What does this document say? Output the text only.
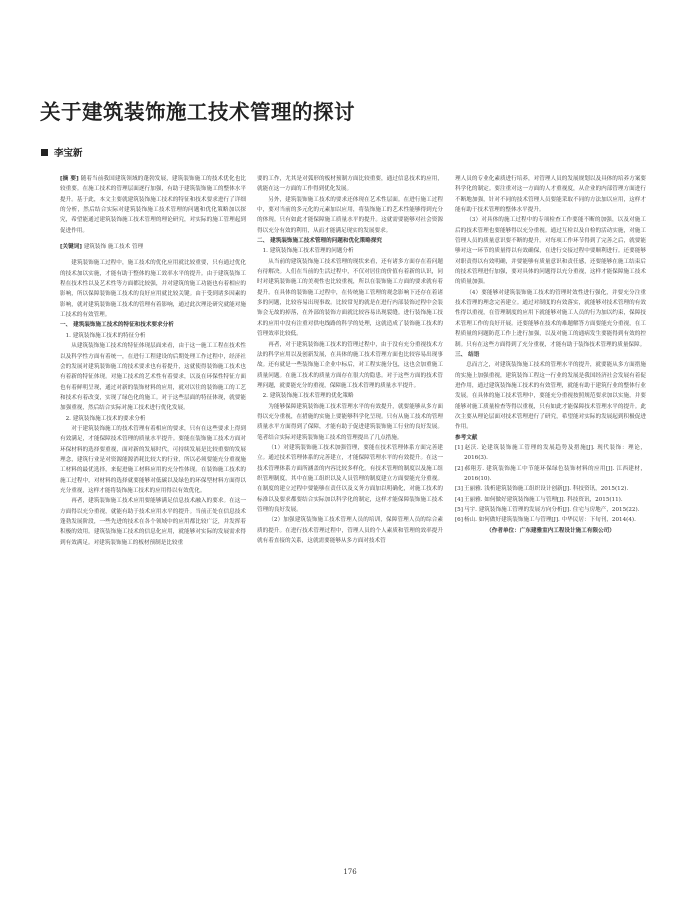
关于建筑装饰施工技术管理的探讨
李宝新

[摘 要] 随着当前我国建筑领域的蓬勃发展，建筑装饰施工的技术优化也比较重要。在施工技术的管理层面逐行加强，有助于建筑装饰施工的整体水平提升。基于此，本文主要就建筑装饰施工技术的特征和技术要求进行了详细的分析，然后结合实际对建筑装饰施工技术管理的问题和优化策略加以探究，希望能通过建筑装饰施工技术管理的理论研究，对实际的施工管理起到促进作用。

[关键词] 建筑装饰 施工技术 管理

建筑装饰施工过程中，施工技术的优化应用就比较重要，只有通过优化的技术加以实施，才能有助于整体的施工效率水平的提升。由于建筑装饰工程在技术性以及艺术性等方面都比较强，并对建筑的施工功能也有着相应的影响，所以保障装饰施工技术的良好应用就比较关键。由于受到诸多因素的影响，就对建筑装饰施工技术的管理有着影响，通过此次理论研究就能对施工技术的有效管理。

一、 建筑装饰施工技术的特征和技术要求分析

1. 建筑装饰施工技术的特征分析

从建筑装饰施工技术的特征体现层面来看，由于这一施工工程在技术性以及科学性方面有着统一，在进行工程建设的后期处理工作过程中，经济社会的发展对建筑装饰施工的技术要求也有着提升，这就使得装饰施工技术也有着新的特征体现。对施工技术的艺术性有着要求，以及在环保性特征方面也有着鲜明呈现，通过对新的装饰材料的应用，就对以往的装饰施工的工艺和技术有着改变，实现了绿色化的施工。对于这些层面的特征体现，就要能加强重视，然后结合实际对施工技术进行优化发展。

2. 建筑装饰施工技术的要求分析

对于建筑装饰施工的技术管理有着相应的要求，只有在这些要求上得到有效满足，才能保障技术管理的质量水平提升。要能在装饰施工技术方面对环保材料的选择要重视，面对新的发展时代，可持续发展是比较重要的发展理念，建筑行业是对资源能源消耗比较大的行业，所以必须要能充分重视施工材料的最优选择，来促进施工材料应用的充分性体现。在装饰施工技术的施工过程中，对材料的选择就要能够对低碳以及绿色的环保型材料方面得以充分重视，这样才能将装饰施工技术的应用得以有效优化。

再者，建筑装饰施工技术应用要能够满足信息技术融入的要求。在这一方面得以充分重视，就能有助于技术应用水平的提升。当前正处在信息技术蓬勃发展阶段，一些先进的技术在各个领域中的应用都比较广泛，并发挥着积极的效用。建筑装饰施工技术的信息化应用，就能够对实际的发展需求得到有效满足。对建筑装饰施工的板材预制是比较重

要的工作，尤其是对弧形的板材预制方面比较重要，通过信息技术的应用，就能在这一方面的工作得到优化发展。

另外，建筑装饰施工技术的要求还体现在艺术性层面。在进行施工过程中，要对当前的多元化的元素加以应用，将装饰施工的艺术性能够得到充分的体现。只有如此才能保障施工质量水平的提升。这就需要能够对社会资源得以充分有效的利用，从而才能满足现实的发展要求。

二、 建筑装饰施工技术管理的问题和优化策略探究

1. 建筑装饰施工技术管理的问题分析

从当前的建筑装饰施工技术管理的现状来看，还有诸多方面存在着问题有待解决。人们在当前的生活过程中，不仅对居住的价值有着新的认识，同时对建筑装饰施工的美观性也比较重视，所以在装饰施工方面的要求就有着提升。在具体的装饰施工过程中，在传统施工管理的观念影响下还存在着诸多的问题，比较容易出现事故。比较常见的就是在进行内部装饰过程中会装饰会无故的掉落，在外部的装饰方面就比较容易出现裂缝。进行装饰施工技术的应用中没有注重对供电线路的科学的处理，这就造成了装饰施工技术的管理效率比较低。

再者，对于建筑装饰施工技术的管理过程中，由于没有充分重视技术方法的科学应用以及创新发展，在具体的施工技术管理方面也比较容易出现事故。还有就是一些装饰施工企业中标后，对工程实施分包，这也会加重施工质量问题。在施工技术的质量方面存在很大的隐患。对于这些方面的技术管理问题，就要能充分的重视，保障施工技术管理的质量水平提升。

2. 建筑装饰施工技术管理的优化策略

为能够保障建筑装饰施工技术管理水平的有效提升，就要能够从多方面得以充分重视，在措施的实施上要能够科学化呈现。只有从施工技术的管理质量水平方面得到了保障，才能有助于促进建筑装饰施工行业的良好发展。笔者结合实际对建筑装饰施工技术的管理提出了几点措施。

（1）对建筑装饰施工技术加强管理，要能在技术管理体系方面完善建立。通过技术管理体系的完善建立，才能保障管理水平的有效提升。在这一技术管理体系方面所涵盖的内容比较多样化，有技术管理的制度以及施工组织管理制度，其中在施工组织以及人员管理的制度建立方面要能充分重视。在制度的建立过程中要能够在责任以及义务方面加以明确化，对施工技术的标准以及要求都要结合实际加以科学化的制定，这样才能保障装饰施工技术管理的良好发展。

（2）加强建筑装饰施工技术管理人员的培训，保障管理人员的综合素质的提升。在进行技术管理过程中，管理人员的个人素质和管理的效率提升就有着直接的关系，这就需要能够从多方面对技术管

理人员的专业化素质进行培养，对管理人员的发展规划以及具体的培养方案要科学化的制定。要注重对这一方面的人才重视度，从企业的内部管理方面进行不断地加强，针对不同的技术管理人员要能采取不同的方法加以应用，这样才能有助于技术管理的整体水平提升。

（3）对具体的施工过程中的专项检查工作要能不断的加强，以及对施工后的技术管理也要能够得以充分重视。通过互检以及自检的活动实施，对施工管理人员的质量意识要不断的提升。对每项工作环节得到了完善之后，就要能够对这一环节的质量得以有效确保，在进行交接过程中要顺利进行。还要能够对职责得以有效明确，并要能够有质量意识和责任感，还要能够在施工结束后的技术管理进行加强，要对具体的问题得以充分重视，这样才能保障施工技术的质量加强。

（4）要能够对建筑装饰施工技术的管理时效性进行强化，并要充分注重技术管理的理念完善建立。通过对制度的有效落实，就能够对技术管理的有效性得以重视，在管理制度的应用下就能够对施工人员的行为加以约束，保障技术管理工作的良好开展。还要能够在技术的难题解答方面要能充分重视，在工程质量的问题防范工作上进行加强，以及对施工的通病发生要能得到有效的控制。只有在这些方面得到了充分重视，才能有助于装饰技术管理的质量保障。

三、 结语

总而言之，对建筑装饰施工技术的管理水平的提升，就要能从多方面措施的实施上加强重视，建筑装饰工程这一行业的发展是我国经济社会发展有着促进作用，通过建筑装饰施工技术的有效管理，就能有助于建筑行业的整体行业发展。在具体的施工技术管理中，要能充分重视按照规范要求加以实施，并要能够对施工质量检查等得以重视，只有如此才能保障技术管理水平的提升。此次主要从理论层面对技术管理进行了研究，希望能对实际的发展起到积极促进作用。

参考文献

[1]赵沃. 论建筑装饰施工管理的发展趋势及措施[J]. 现代装饰：理论，2016(3).

[2]郝翔芳. 建筑装饰施工中节能环保绿色装饰材料的应用[J]. 江西建材，2016(10).

[3]王丽雅. 浅析建筑装饰施工组织设计创新[J]. 科技资讯，2015(12).

[4]王丽雅. 如何做好建筑装饰施工与管理[J]. 科技资讯，2015(11).

[5]马宇. 建筑装饰施工管理的发展方向分析[J]. 住宅与房地产，2015(22).

[6]杨山. 如何做好建筑装饰施工与管理[J]. 中华民居：下旬刊，2014(4).

（作者单位：广东建雅室内工程设计施工有限公司）

176
